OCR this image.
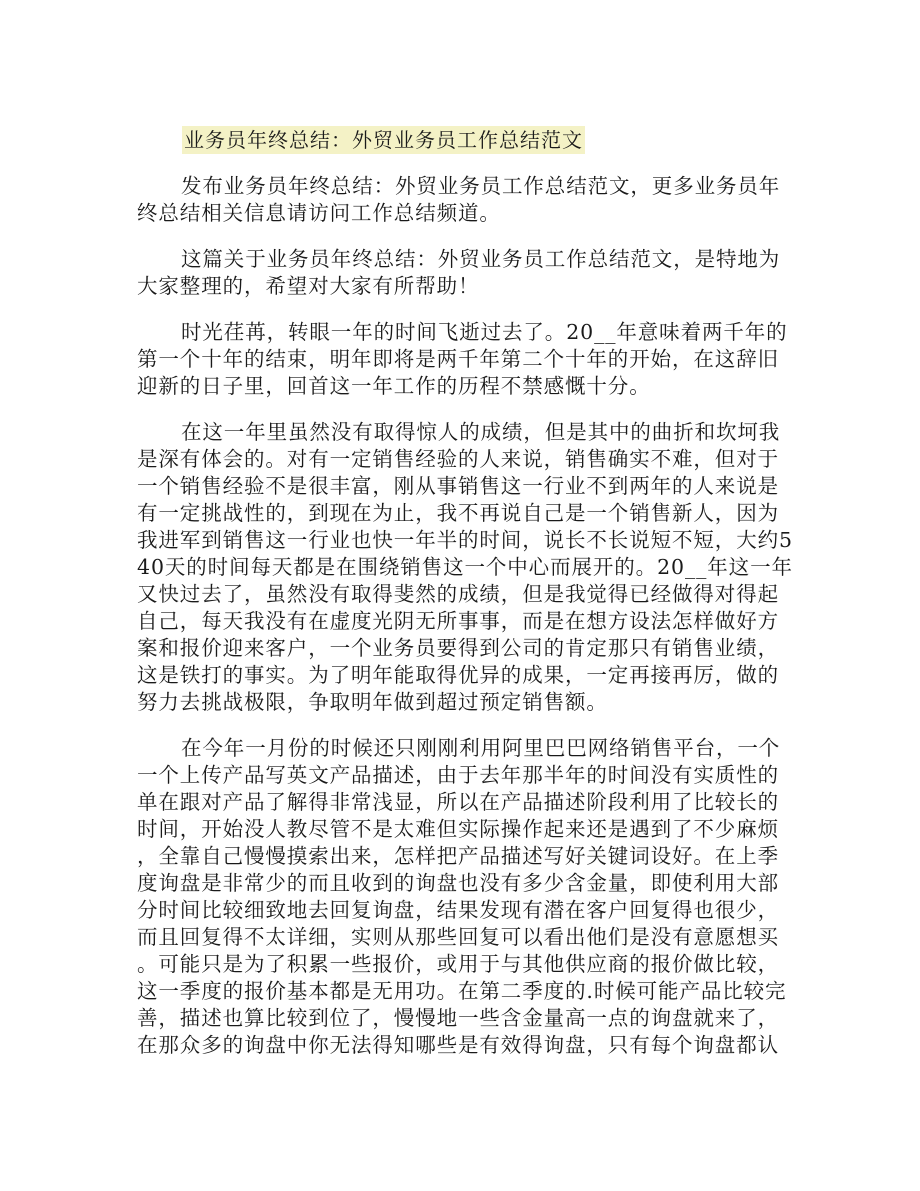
业务员年终总结：外贸业务员工作总结范文
发布业务员年终总结：外贸业务员工作总结范文，更多业务员年
终总结相关信息请访问工作总结频道。
这篇关于业务员年终总结：外贸业务员工作总结范文，是特地为
大家整理的，希望对大家有所帮助！
时光荏苒，转眼一年的时间飞逝过去了。20__年意味着两千年的
第一个十年的结束，明年即将是两千年第二个十年的开始，在这辞旧
迎新的日子里，回首这一年工作的历程不禁感慨十分。
在这一年里虽然没有取得惊人的成绩，但是其中的曲折和坎坷我
是深有体会的。对有一定销售经验的人来说，销售确实不难，但对于
一个销售经验不是很丰富，刚从事销售这一行业不到两年的人来说是
有一定挑战性的，到现在为止，我不再说自己是一个销售新人，因为
我进军到销售这一行业也快一年半的时间，说长不长说短不短，大约5
40天的时间每天都是在围绕销售这一个中心而展开的。20__年这一年
又快过去了，虽然没有取得斐然的成绩，但是我觉得已经做得对得起
自己，每天我没有在虚度光阴无所事事，而是在想方设法怎样做好方
案和报价迎来客户，一个业务员要得到公司的肯定那只有销售业绩，
这是铁打的事实。为了明年能取得优异的成果，一定再接再厉，做的
努力去挑战极限，争取明年做到超过预定销售额。
在今年一月份的时候还只刚刚利用阿里巴巴网络销售平台，一个
一个上传产品写英文产品描述，由于去年那半年的时间没有实质性的
单在跟对产品了解得非常浅显，所以在产品描述阶段利用了比较长的
时间，开始没人教尽管不是太难但实际操作起来还是遇到了不少麻烦
，全靠自己慢慢摸索出来，怎样把产品描述写好关键词设好。在上季
度询盘是非常少的而且收到的询盘也没有多少含金量，即使利用大部
分时间比较细致地去回复询盘，结果发现有潜在客户回复得也很少，
而且回复得不太详细，实则从那些回复可以看出他们是没有意愿想买
。可能只是为了积累一些报价，或用于与其他供应商的报价做比较，
这一季度的报价基本都是无用功。在第二季度的.时候可能产品比较完
善，描述也算比较到位了，慢慢地一些含金量高一点的询盘就来了，
在那众多的询盘中你无法得知哪些是有效得询盘，只有每个询盘都认
